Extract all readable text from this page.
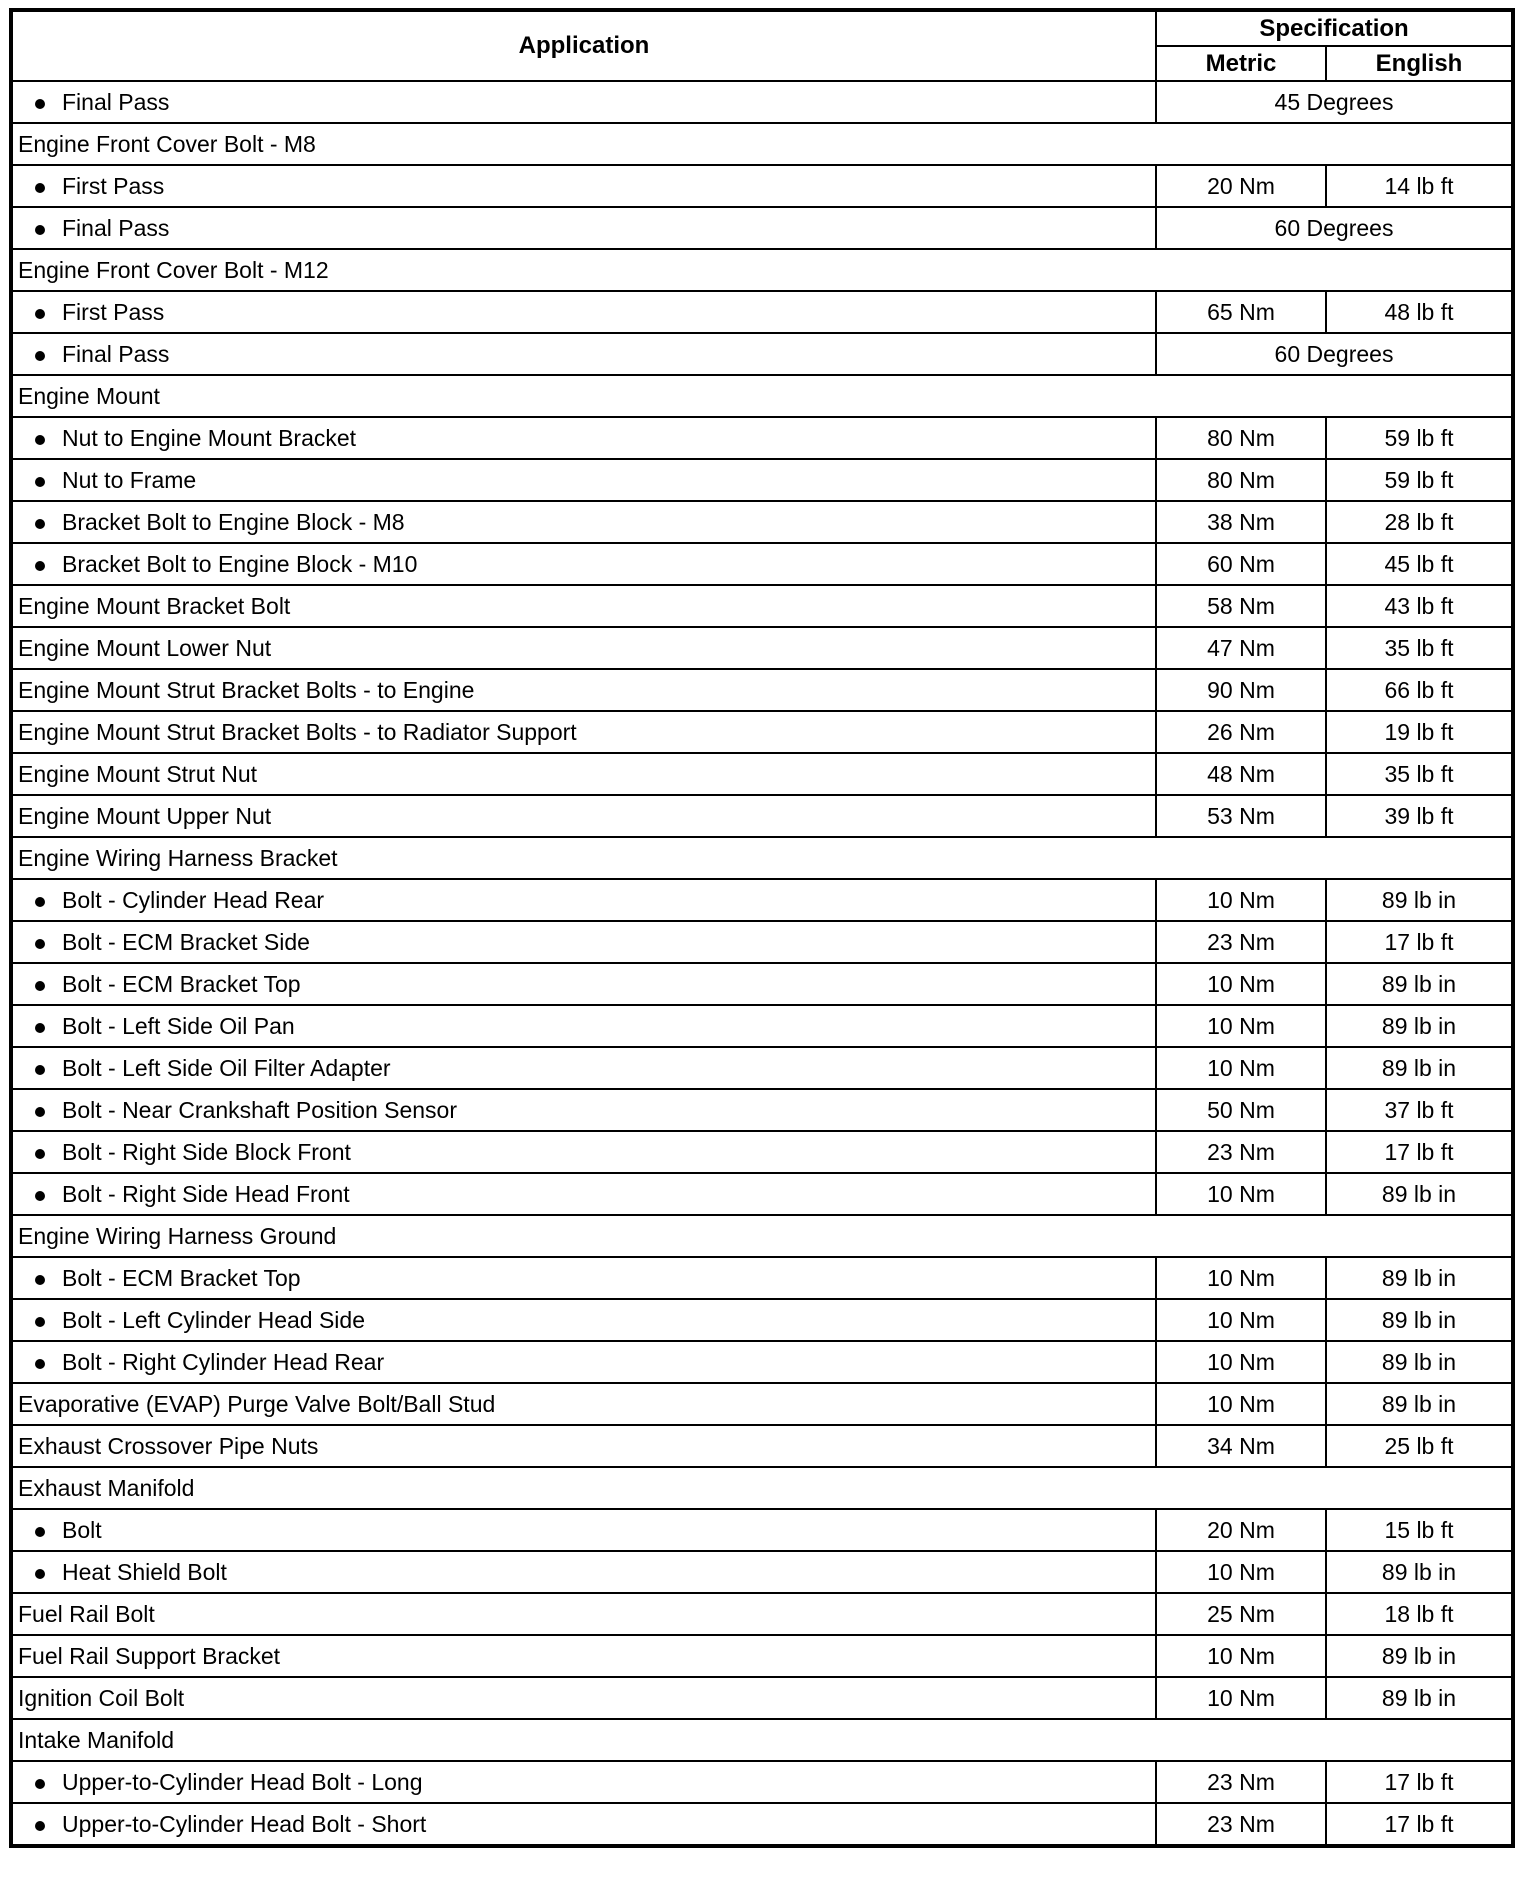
Application	Specification	
	Metric	English
Final Pass	45 Degrees	
Engine Front Cover Bolt - M8		
First Pass	20 Nm	14 lb ft
Final Pass	60 Degrees	
Engine Front Cover Bolt - M12		
First Pass	65 Nm	48 lb ft
Final Pass	60 Degrees	
Engine Mount		
Nut to Engine Mount Bracket	80 Nm	59 lb ft
Nut to Frame	80 Nm	59 lb ft
Bracket Bolt to Engine Block - M8	38 Nm	28 lb ft
Bracket Bolt to Engine Block - M10	60 Nm	45 lb ft
Engine Mount Bracket Bolt	58 Nm	43 lb ft
Engine Mount Lower Nut	47 Nm	35 lb ft
Engine Mount Strut Bracket Bolts - to Engine	90 Nm	66 lb ft
Engine Mount Strut Bracket Bolts - to Radiator Support	26 Nm	19 lb ft
Engine Mount Strut Nut	48 Nm	35 lb ft
Engine Mount Upper Nut	53 Nm	39 lb ft
Engine Wiring Harness Bracket		
Bolt - Cylinder Head Rear	10 Nm	89 lb in
Bolt - ECM Bracket Side	23 Nm	17 lb ft
Bolt - ECM Bracket Top	10 Nm	89 lb in
Bolt - Left Side Oil Pan	10 Nm	89 lb in
Bolt - Left Side Oil Filter Adapter	10 Nm	89 lb in
Bolt - Near Crankshaft Position Sensor	50 Nm	37 lb ft
Bolt - Right Side Block Front	23 Nm	17 lb ft
Bolt - Right Side Head Front	10 Nm	89 lb in
Engine Wiring Harness Ground		
Bolt - ECM Bracket Top	10 Nm	89 lb in
Bolt - Left Cylinder Head Side	10 Nm	89 lb in
Bolt - Right Cylinder Head Rear	10 Nm	89 lb in
Evaporative (EVAP) Purge Valve Bolt/Ball Stud	10 Nm	89 lb in
Exhaust Crossover Pipe Nuts	34 Nm	25 lb ft
Exhaust Manifold		
Bolt	20 Nm	15 lb ft
Heat Shield Bolt	10 Nm	89 lb in
Fuel Rail Bolt	25 Nm	18 lb ft
Fuel Rail Support Bracket	10 Nm	89 lb in
Ignition Coil Bolt	10 Nm	89 lb in
Intake Manifold		
Upper-to-Cylinder Head Bolt - Long	23 Nm	17 lb ft
Upper-to-Cylinder Head Bolt - Short	23 Nm	17 lb ft
